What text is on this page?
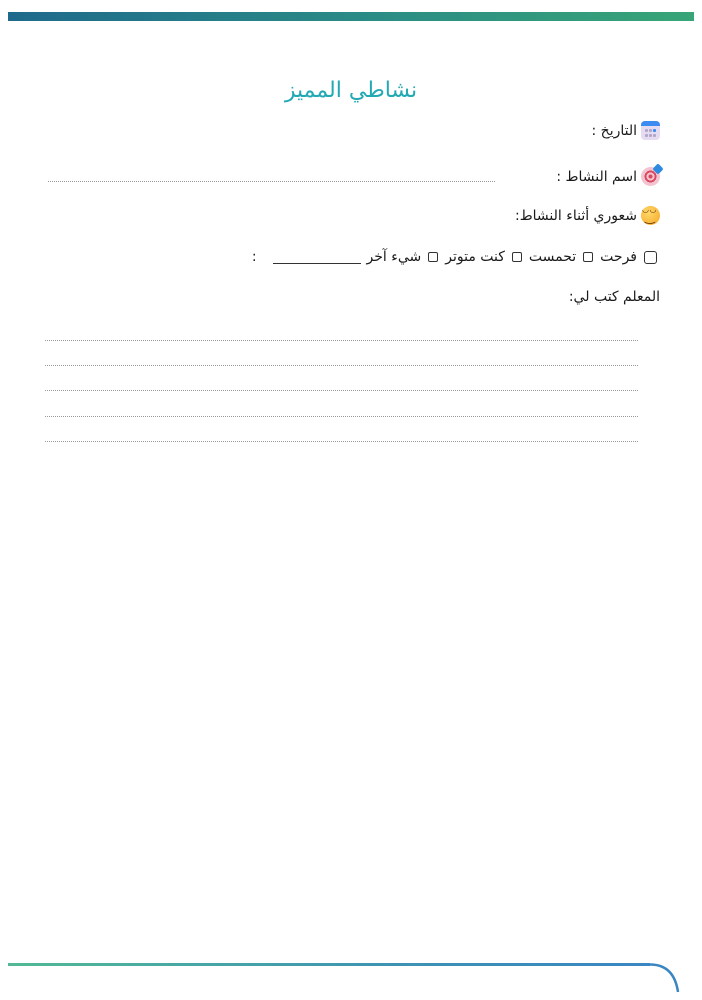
نشاطي المميز
التاريخ :
اسم النشاط :
◡ ◡ ‿
شعوري أثناء النشاط:
فرحت
تحمست
كنت متوتر
شيء آخر
:
المعلم كتب لي:
